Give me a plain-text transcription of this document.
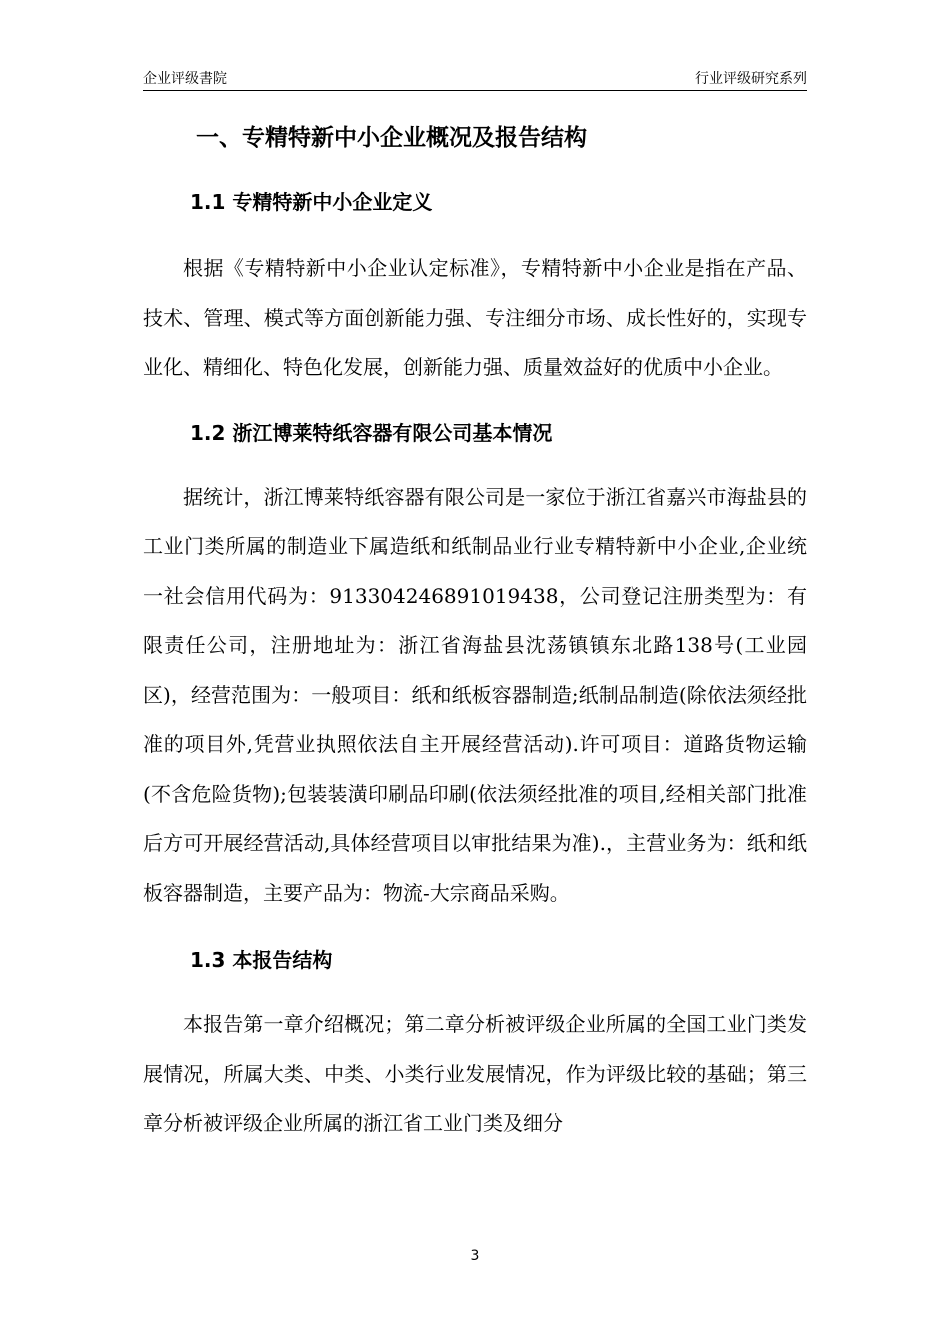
企业评级書院	行业评级研究系列
一、专精特新中小企业概况及报告结构
1.1 专精特新中小企业定义

根据《专精特新中小企业认定标准》，专精特新中小企业是指在产品、技术、管理、模式等方面创新能力强、专注细分市场、成长性好的，实现专业化、精细化、特色化发展，创新能力强、质量效益好的优质中小企业。

1.2 浙江博莱特纸容器有限公司基本情况

据统计，浙江博莱特纸容器有限公司是一家位于浙江省嘉兴市海盐县的工业门类所属的制造业下属造纸和纸制品业行业专精特新中小企业,企业统一社会信用代码为：913304246891019438，公司登记注册类型为：有限责任公司，注册地址为：浙江省海盐县沈荡镇镇东北路138号(工业园区)，经营范围为：一般项目：纸和纸板容器制造;纸制品制造(除依法须经批准的项目外,凭营业执照依法自主开展经营活动).许可项目：道路货物运输(不含危险货物);包装装潢印刷品印刷(依法须经批准的项目,经相关部门批准后方可开展经营活动,具体经营项目以审批结果为准).，主营业务为：纸和纸板容器制造，主要产品为：物流-大宗商品采购。

1.3 本报告结构

本报告第一章介绍概况；第二章分析被评级企业所属的全国工业门类发展情况，所属大类、中类、小类行业发展情况，作为评级比较的基础；第三章分析被评级企业所属的浙江省工业门类及细分

3
